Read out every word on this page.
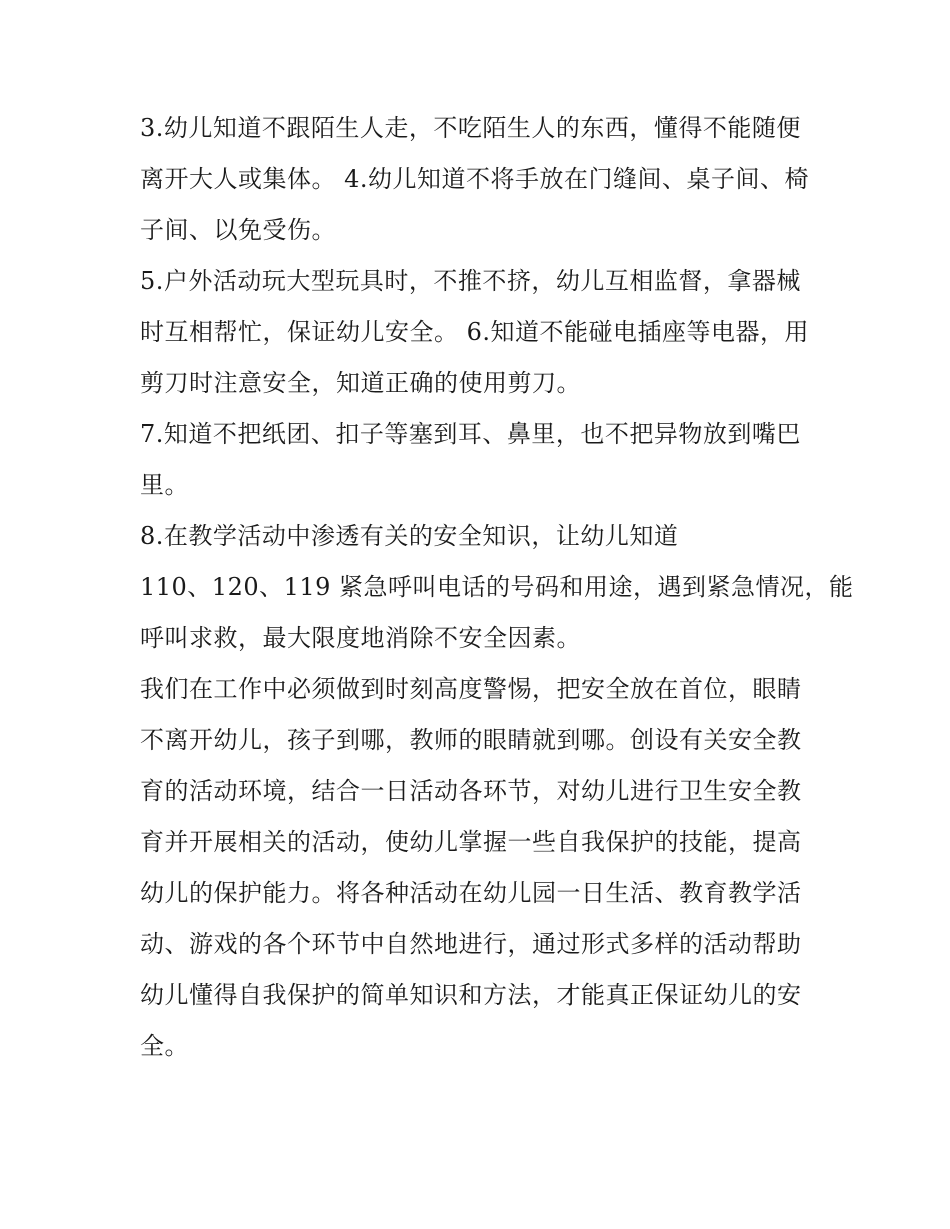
3.幼儿知道不跟陌生人走，不吃陌生人的东西，懂得不能随便
离开大人或集体。 4.幼儿知道不将手放在门缝间、桌子间、椅
子间、以免受伤。

5.户外活动玩大型玩具时，不推不挤，幼儿互相监督，拿器械
时互相帮忙，保证幼儿安全。 6.知道不能碰电插座等电器，用
剪刀时注意安全，知道正确的使用剪刀。

7.知道不把纸团、扣子等塞到耳、鼻里，也不把异物放到嘴巴
里。

8.在教学活动中渗透有关的安全知识，让幼儿知道
110、120、119 紧急呼叫电话的号码和用途，遇到紧急情况，能
呼叫求救，最大限度地消除不安全因素。

我们在工作中必须做到时刻高度警惕，把安全放在首位，眼睛
不离开幼儿，孩子到哪，教师的眼睛就到哪。创设有关安全教
育的活动环境，结合一日活动各环节，对幼儿进行卫生安全教
育并开展相关的活动，使幼儿掌握一些自我保护的技能，提高
幼儿的保护能力。将各种活动在幼儿园一日生活、教育教学活
动、游戏的各个环节中自然地进行，通过形式多样的活动帮助
幼儿懂得自我保护的简单知识和方法，才能真正保证幼儿的安
全。
